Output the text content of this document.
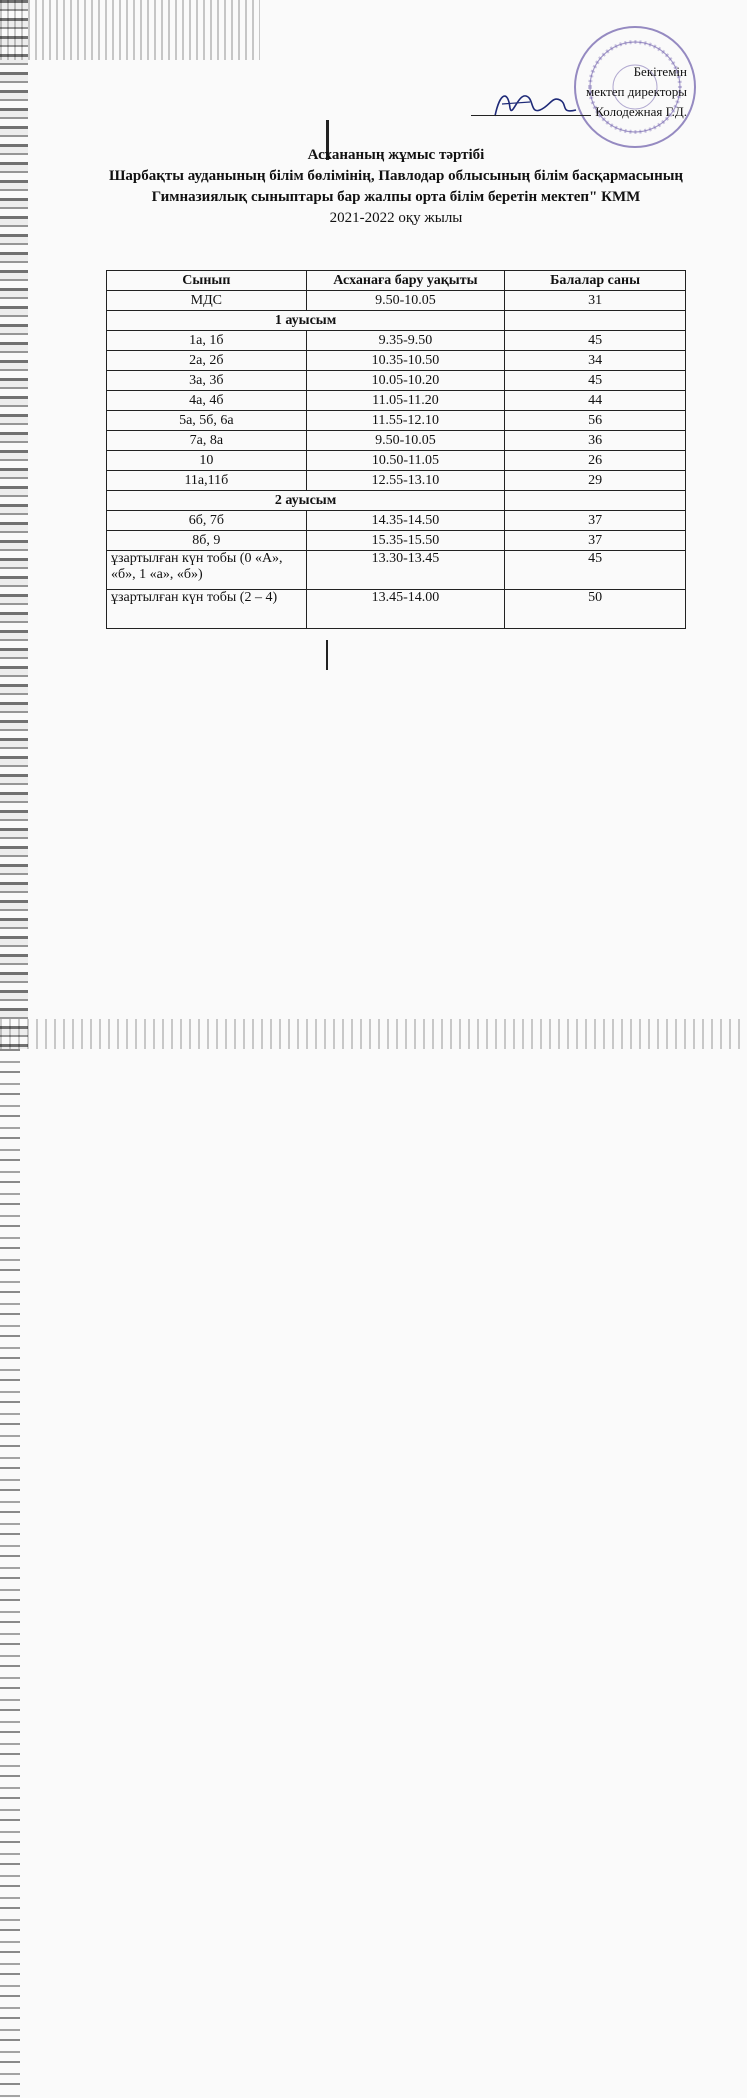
Бекітемін
мектеп директоры
Колодежная Г.Д.
Асхананың жұмыс тәртібі
Шарбақты ауданының білім бөлімінің, Павлодар облысының білім басқармасының Гимназиялық сыныптары бар жалпы орта білім беретін мектеп" КММ
2021-2022 оқу жылы
Сынып	Асханаға бару уақыты	Балалар саны
МДС	9.50-10.05	31
1 ауысым		
1а, 1б	9.35-9.50	45
2а, 2б	10.35-10.50	34
3а, 3б	10.05-10.20	45
4а, 4б	11.05-11.20	44
5а, 5б, 6а	11.55-12.10	56
7а, 8а	9.50-10.05	36
10	10.50-11.05	26
11а,11б	12.55-13.10	29
2 ауысым		
6б, 7б	14.35-14.50	37
8б, 9	15.35-15.50	37
ұзартылған күн тобы (0 «А», «б», 1 «а», «б»)	13.30-13.45	45
ұзартылған күн тобы (2 – 4)	13.45-14.00	50
